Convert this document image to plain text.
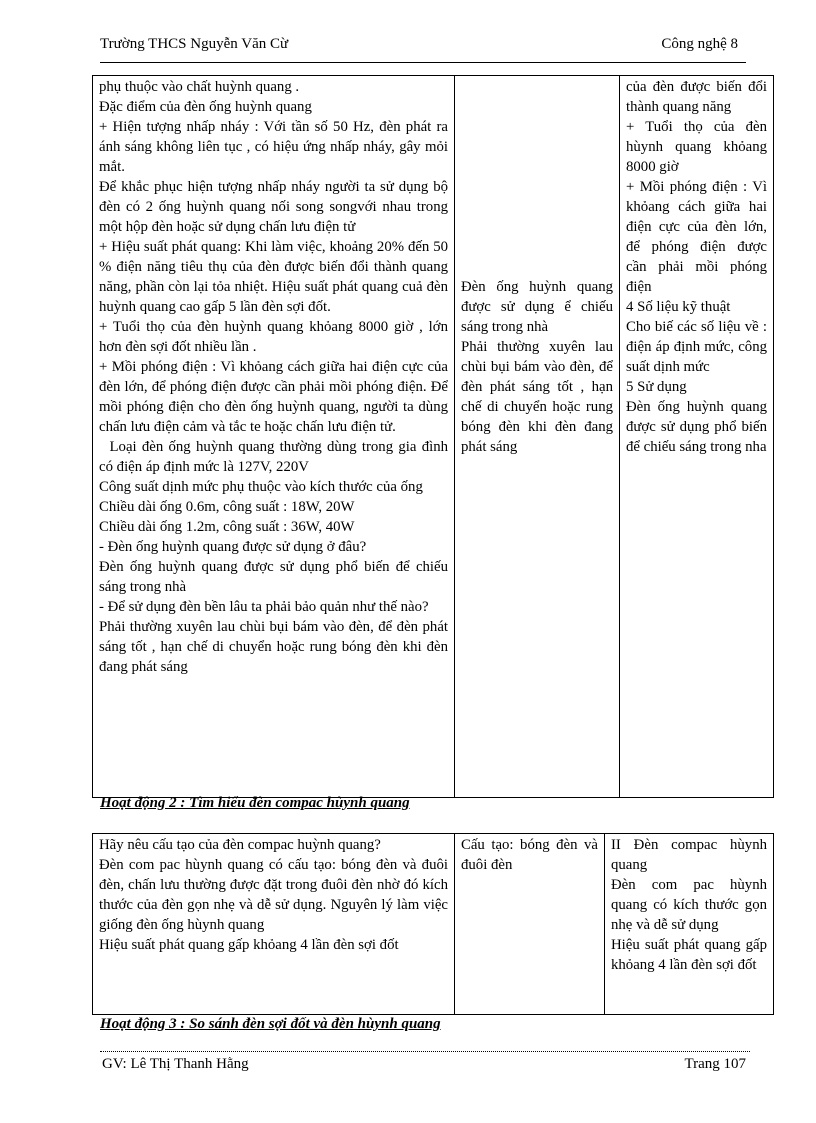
Trường THCS Nguyễn Văn Cừ	Công nghệ 8
phụ thuộc vào chất huỳnh quang .
Đặc điểm của đèn ống huỳnh quang
+ Hiện tượng nhấp nháy : Với tần số 50 Hz, đèn phát ra ánh sáng không liên tục , có hiệu ứng nhấp nháy, gây mỏi mắt.
Để khắc phục hiện tượng nhấp nháy người ta sử dụng bộ đèn có 2 ống huỳnh quang nối song songvới nhau trong một hộp đèn hoặc sử dụng chấn lưu điện tử
+ Hiệu suất phát quang: Khi làm việc, khoảng 20% đến 50 % điện năng tiêu thụ của đèn được biến đổi thành quang năng, phần còn lại tỏa nhiệt. Hiệu suất phát quang cuả đèn huỳnh quang cao gấp 5 lần đèn sợi đốt.
+ Tuổi thọ của đèn huỳnh quang khỏang 8000 giờ , lớn hơn đèn sợi đốt nhiều lần .
+ Mồi phóng điện : Vì khỏang cách giữa hai điện cực của đèn lớn, để phóng điện được cần phải mồi phóng điện. Để mồi phóng điện cho đèn ống huỳnh quang, người ta dùng chấn lưu điện cảm và tắc te hoặc chấn lưu điện tử.
Loại đèn ống huỳnh quang thường dùng trong gia đình có điện áp định mức là 127V, 220V
Công suất dịnh mức phụ thuộc vào kích thước của ống
Chiều dài ống 0.6m, công suất : 18W, 20W
Chiều dài ống 1.2m, công suất : 36W, 40W
- Đèn ống huỳnh quang được sử dụng ở đâu?
Đèn ống huỳnh quang được sử dụng phổ biến để chiếu sáng trong nhà
- Để sử dụng đèn bền lâu ta phải bảo quản như thế nào?
Phải thường xuyên lau chùi bụi bám vào đèn, để đèn phát sáng tốt , hạn chế di chuyển hoặc rung bóng đèn khi đèn đang phát sáng

Đèn ống huỳnh quang được sử dụng ể chiếu sáng trong nhà
Phải thường xuyên lau chùi bụi bám vào đèn, để đèn phát sáng tốt , hạn chế di chuyển hoặc rung bóng đèn khi đèn đang phát sáng

của đèn được biến đổi thành quang năng
+ Tuổi thọ của đèn hùynh quang khỏang 8000 giờ
+ Mồi phóng điện : Vì khỏang cách giữa hai điện cực của đèn lớn, để phóng điện được cần phải mồi phóng điện
4 Số liệu kỹ thuật
Cho biế các số liệu về : điện áp định mức, công suất dịnh mức
5 Sử dụng
Đèn ống huỳnh quang được sử dụng phổ biến để chiếu sáng trong nha
Hoạt động 2 : Tìm hiểu đèn compac hùynh quang
Hãy nêu cấu tạo của đèn compac huỳnh quang?
Đèn com pac hùynh quang có cấu tạo: bóng đèn và đuôi đèn, chấn lưu thường được đặt trong đuôi đèn nhờ đó kích thước của đèn gọn nhẹ và dễ sử dụng. Nguyên lý làm việc giống đèn ống hùynh quang
Hiệu suất phát quang gấp khỏang 4 lần đèn sợi đốt

Cấu tạo: bóng đèn và đuôi đèn

II Đèn compac hùynh quang
Đèn com pac hùynh quang có kích thước gọn nhẹ và dễ sử dụng
Hiệu suất phát quang gấp khỏang 4 lần đèn sợi đốt
Hoạt động 3 : So sánh đèn sợi đốt và đèn hùynh quang
GV: Lê Thị Thanh Hằng	Trang 107
